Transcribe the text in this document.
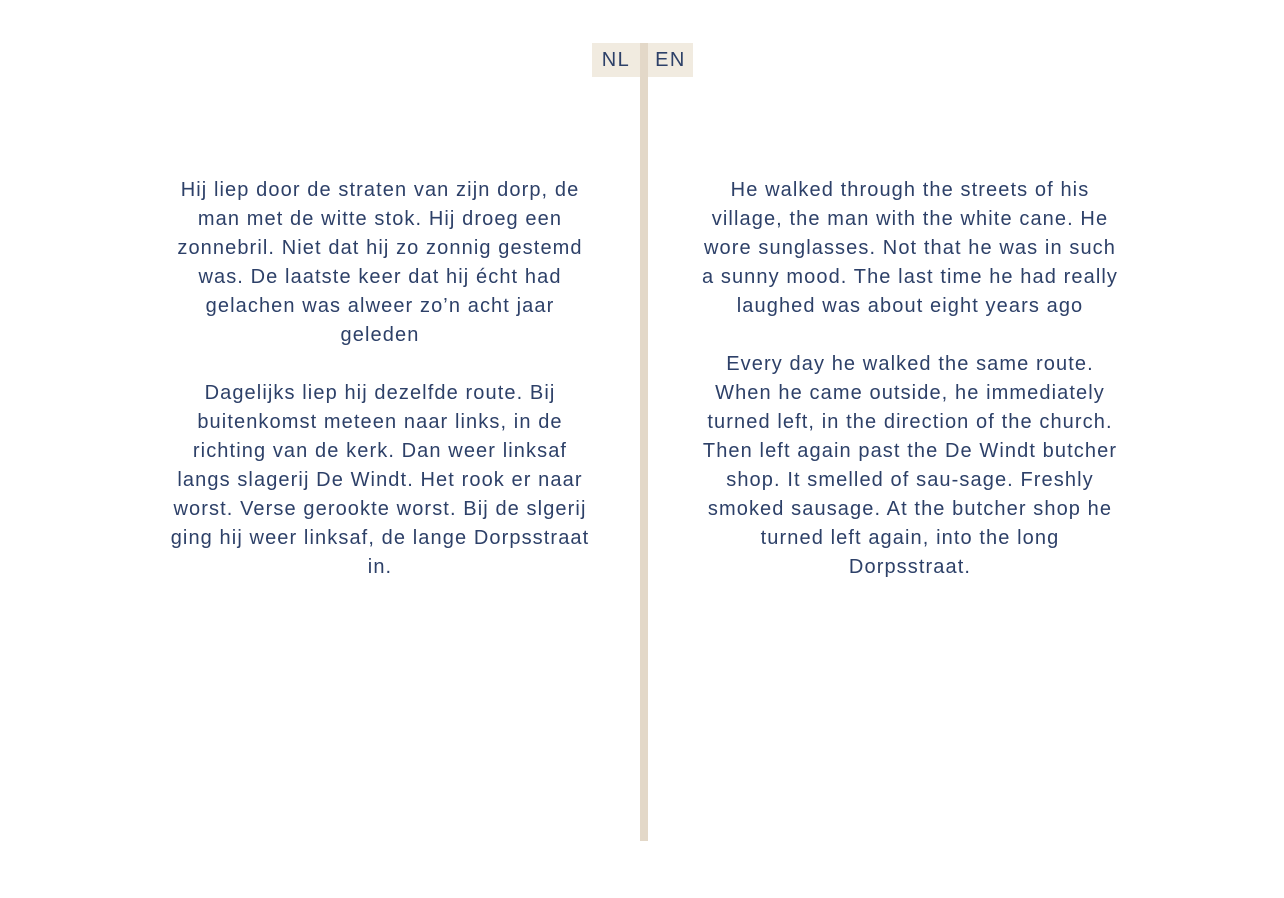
NL	EN

Hij liep door de straten van zijn dorp, de man met de witte stok. Hij droeg een zonnebril. Niet dat hij zo zonnig gestemd was. De laatste keer dat hij écht had gelachen was alweer zo’n acht jaar geleden

Dagelijks liep hij dezelfde route. Bij buitenkomst meteen naar links, in de richting van de kerk. Dan weer linksaf langs slagerij De Windt. Het rook er naar worst. Verse gerookte worst. Bij de slgerij ging hij weer linksaf, de lange Dorpsstraat in.

He walked through the streets of his village, the man with the white cane. He wore sunglasses. Not that he was in such a sunny mood. The last time he had really laughed was about eight years ago

Every day he walked the same route. When he came outside, he immediately turned left, in the direction of the church. Then left again past the De Windt butcher shop. It smelled of sau-sage. Freshly smoked sausage. At the butcher shop he turned left again, into the long Dorpsstraat.
